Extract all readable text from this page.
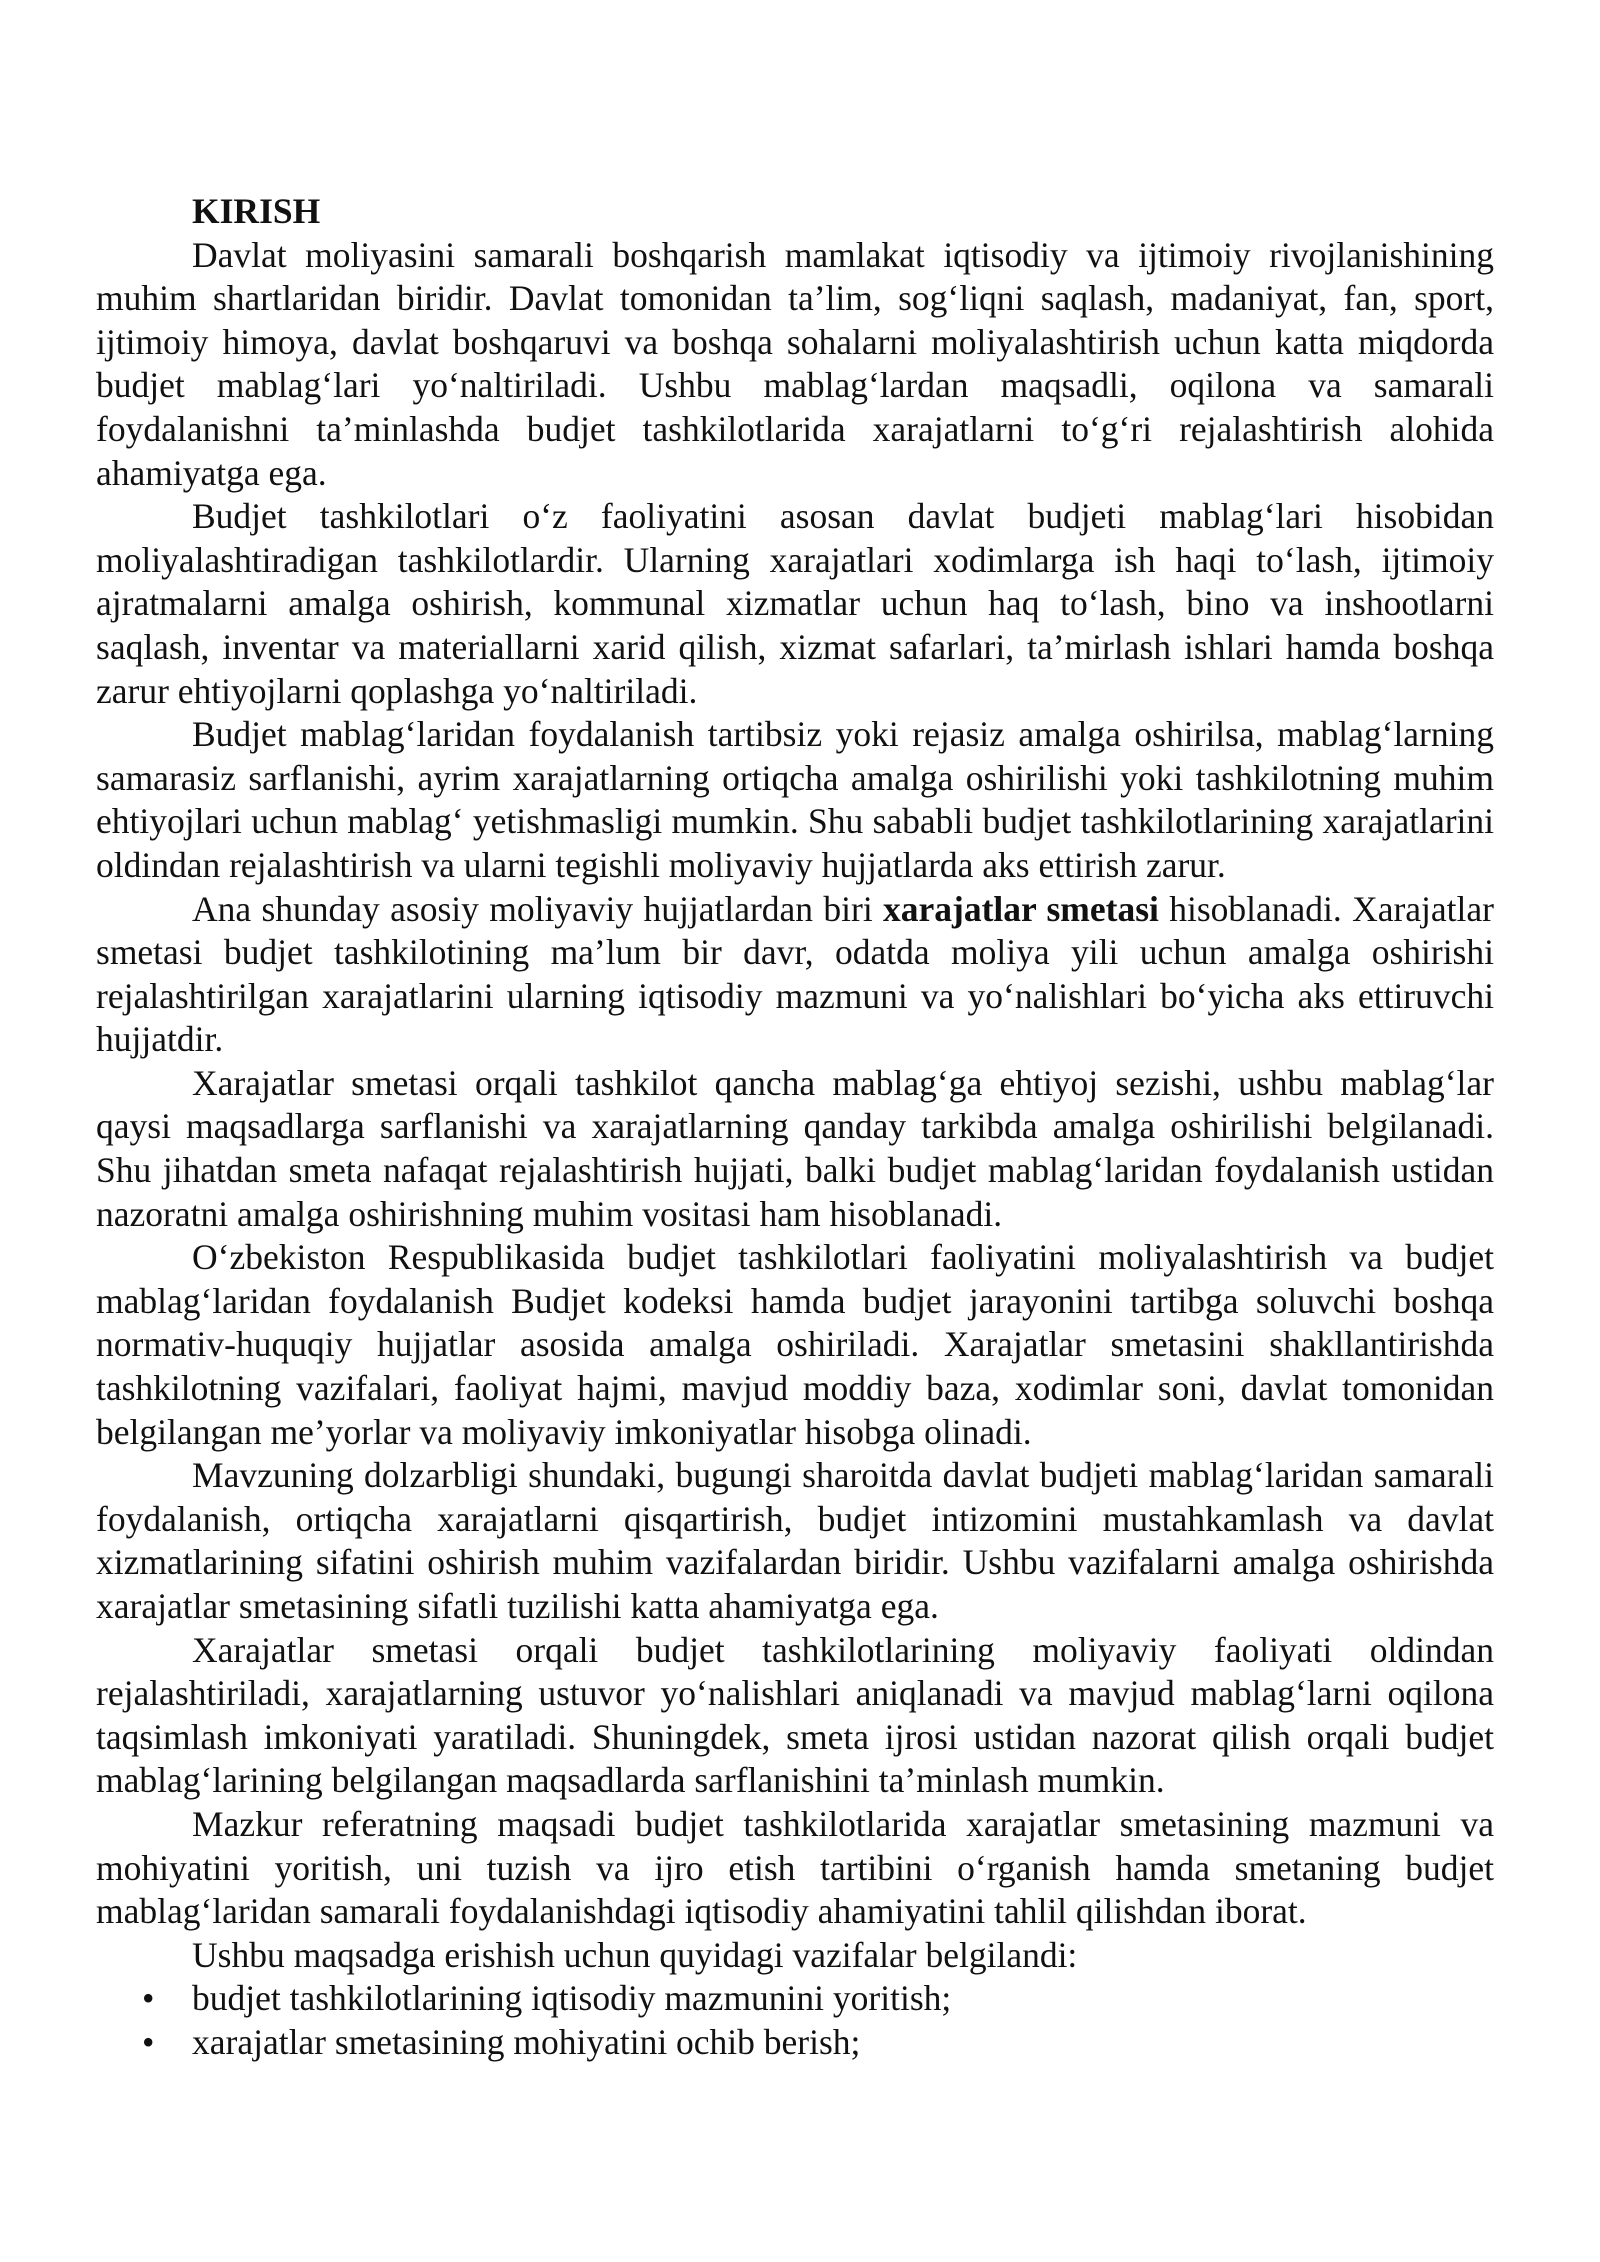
KIRISH

Davlat moliyasini samarali boshqarish mamlakat iqtisodiy va ijtimoiy rivojlanishining muhim shartlaridan biridir. Davlat tomonidan ta’lim, sog‘liqni saqlash, madaniyat, fan, sport, ijtimoiy himoya, davlat boshqaruvi va boshqa sohalarni moliyalashtirish uchun katta miqdorda budjet mablag‘lari yo‘naltiriladi. Ushbu mablag‘lardan maqsadli, oqilona va samarali foydalanishni ta’minlashda budjet tashkilotlarida xarajatlarni to‘g‘ri rejalashtirish alohida ahamiyatga ega.

Budjet tashkilotlari o‘z faoliyatini asosan davlat budjeti mablag‘lari hisobidan moliyalashtiradigan tashkilotlardir. Ularning xarajatlari xodimlarga ish haqi to‘lash, ijtimoiy ajratmalarni amalga oshirish, kommunal xizmatlar uchun haq to‘lash, bino va inshootlarni saqlash, inventar va materiallarni xarid qilish, xizmat safarlari, ta’mirlash ishlari hamda boshqa zarur ehtiyojlarni qoplashga yo‘naltiriladi.

Budjet mablag‘laridan foydalanish tartibsiz yoki rejasiz amalga oshirilsa, mablag‘larning samarasiz sarflanishi, ayrim xarajatlarning ortiqcha amalga oshirilishi yoki tashkilotning muhim ehtiyojlari uchun mablag‘ yetishmasligi mumkin. Shu sababli budjet tashkilotlarining xarajatlarini oldindan rejalashtirish va ularni tegishli moliyaviy hujjatlarda aks ettirish zarur.

Ana shunday asosiy moliyaviy hujjatlardan biri xarajatlar smetasi hisoblanadi. Xarajatlar smetasi budjet tashkilotining ma’lum bir davr, odatda moliya yili uchun amalga oshirishi rejalashtirilgan xarajatlarini ularning iqtisodiy mazmuni va yo‘nalishlari bo‘yicha aks ettiruvchi hujjatdir.

Xarajatlar smetasi orqali tashkilot qancha mablag‘ga ehtiyoj sezishi, ushbu mablag‘lar qaysi maqsadlarga sarflanishi va xarajatlarning qanday tarkibda amalga oshirilishi belgilanadi. Shu jihatdan smeta nafaqat rejalashtirish hujjati, balki budjet mablag‘laridan foydalanish ustidan nazoratni amalga oshirishning muhim vositasi ham hisoblanadi.

O‘zbekiston Respublikasida budjet tashkilotlari faoliyatini moliyalashtirish va budjet mablag‘laridan foydalanish Budjet kodeksi hamda budjet jarayonini tartibga soluvchi boshqa normativ-huquqiy hujjatlar asosida amalga oshiriladi. Xarajatlar smetasini shakllantirishda tashkilotning vazifalari, faoliyat hajmi, mavjud moddiy baza, xodimlar soni, davlat tomonidan belgilangan me’yorlar va moliyaviy imkoniyatlar hisobga olinadi.

Mavzuning dolzarbligi shundaki, bugungi sharoitda davlat budjeti mablag‘laridan samarali foydalanish, ortiqcha xarajatlarni qisqartirish, budjet intizomini mustahkamlash va davlat xizmatlarining sifatini oshirish muhim vazifalardan biridir. Ushbu vazifalarni amalga oshirishda xarajatlar smetasining sifatli tuzilishi katta ahamiyatga ega.

Xarajatlar smetasi orqali budjet tashkilotlarining moliyaviy faoliyati oldindan rejalashtiriladi, xarajatlarning ustuvor yo‘nalishlari aniqlanadi va mavjud mablag‘larni oqilona taqsimlash imkoniyati yaratiladi. Shuningdek, smeta ijrosi ustidan nazorat qilish orqali budjet mablag‘larining belgilangan maqsadlarda sarflanishini ta’minlash mumkin.

Mazkur referatning maqsadi budjet tashkilotlarida xarajatlar smetasining mazmuni va mohiyatini yoritish, uni tuzish va ijro etish tartibini o‘rganish hamda smetaning budjet mablag‘laridan samarali foydalanishdagi iqtisodiy ahamiyatini tahlil qilishdan iborat.

Ushbu maqsadga erishish uchun quyidagi vazifalar belgilandi:

• budjet tashkilotlarining iqtisodiy mazmunini yoritish;
• xarajatlar smetasining mohiyatini ochib berish;
